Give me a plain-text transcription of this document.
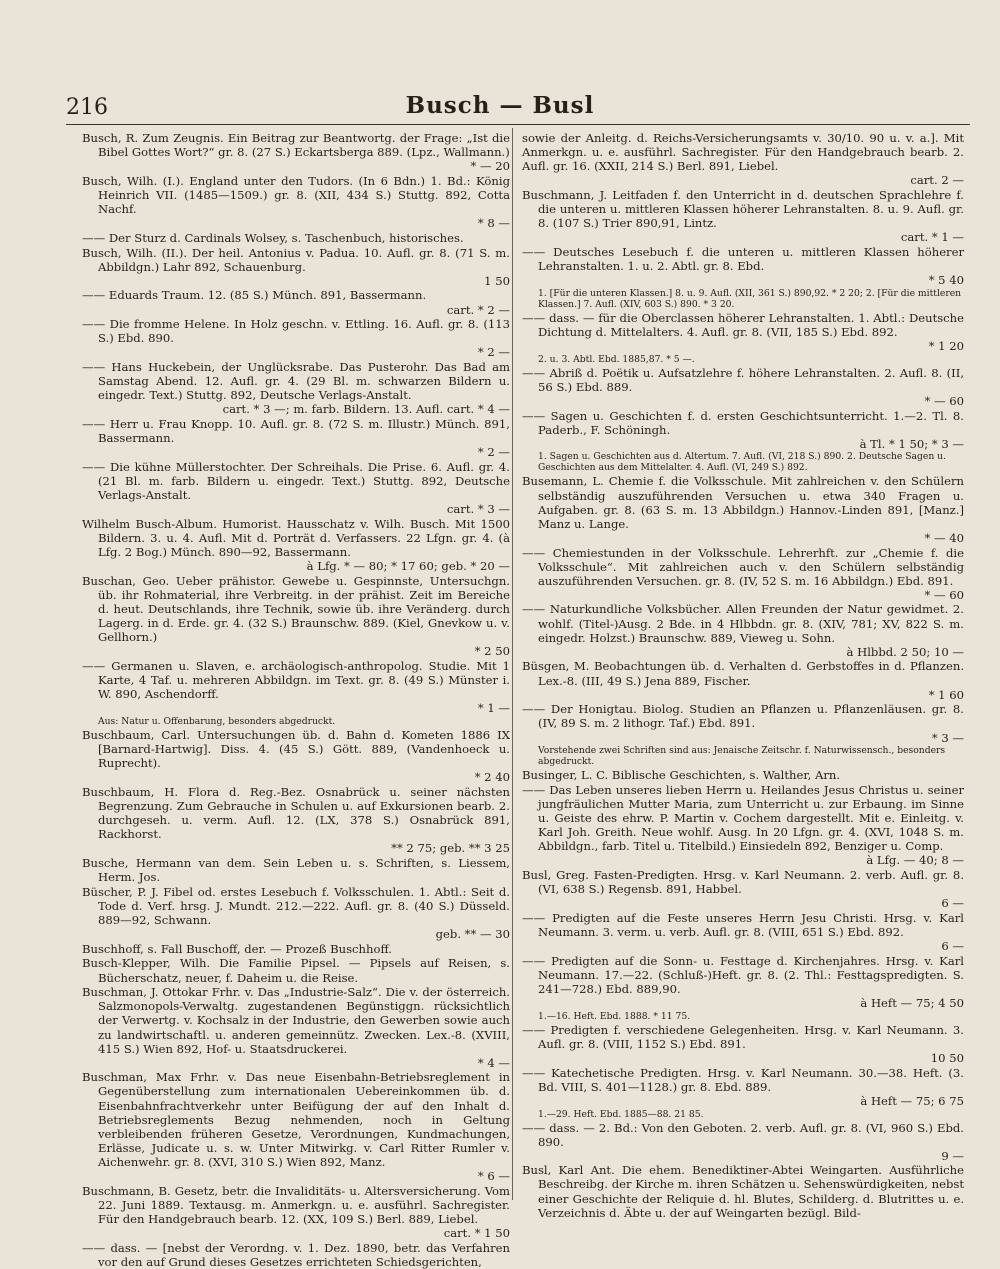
216	Busch — Busl
Busch, R. Zum Zeugnis. Ein Beitrag zur Beantwortg. der Frage: „Ist die Bibel Gottes Wort?“ gr. 8. (27 S.) Eckartsberga 889. (Lpz., Wallmann.)
* — 20
Busch, Wilh. (I.). England unter den Tudors. (In 6 Bdn.) 1. Bd.: König Heinrich VII. (1485—1509.) gr. 8. (XII, 434 S.) Stuttg. 892, Cotta Nachf.
* 8 —
—— Der Sturz d. Cardinals Wolsey, s. Taschenbuch, historisches.
Busch, Wilh. (II.). Der heil. Antonius v. Padua. 10. Aufl. gr. 8. (71 S. m. Abbildgn.) Lahr 892, Schauenburg.
1 50
—— Eduards Traum. 12. (85 S.) Münch. 891, Bassermann.
cart. * 2 —
—— Die fromme Helene. In Holz geschn. v. Ettling. 16. Aufl. gr. 8. (113 S.) Ebd. 890.
* 2 —
—— Hans Huckebein, der Unglücksrabe. Das Pusterohr. Das Bad am Samstag Abend. 12. Aufl. gr. 4. (29 Bl. m. schwarzen Bildern u. eingedr. Text.) Stuttg. 892, Deutsche Verlags-Anstalt.
cart. * 3 —; m. farb. Bildern. 13. Aufl. cart. * 4 —
—— Herr u. Frau Knopp. 10. Aufl. gr. 8. (72 S. m. Illustr.) Münch. 891, Bassermann.
* 2 —
—— Die kühne Müllerstochter. Der Schreihals. Die Prise. 6. Aufl. gr. 4. (21 Bl. m. farb. Bildern u. eingedr. Text.) Stuttg. 892, Deutsche Verlags-Anstalt.
cart. * 3 —
Wilhelm Busch-Album. Humorist. Hausschatz v. Wilh. Busch. Mit 1500 Bildern. 3. u. 4. Aufl. Mit d. Porträt d. Verfassers. 22 Lfgn. gr. 4. (à Lfg. 2 Bog.) Münch. 890—92, Bassermann.
à Lfg. * — 80; * 17 60; geb. * 20 —
Buschan, Geo. Ueber prähistor. Gewebe u. Gespinnste, Untersuchgn. üb. ihr Rohmaterial, ihre Verbreitg. in der prähist. Zeit im Bereiche d. heut. Deutschlands, ihre Technik, sowie üb. ihre Veränderg. durch Lagerg. in d. Erde. gr. 4. (32 S.) Braunschw. 889. (Kiel, Gnevkow u. v. Gellhorn.)
* 2 50
—— Germanen u. Slaven, e. archäologisch-anthropolog. Studie. Mit 1 Karte, 4 Taf. u. mehreren Abbildgn. im Text. gr. 8. (49 S.) Münster i. W. 890, Aschendorff.
* 1 —
Aus: Natur u. Offenbarung, besonders abgedruckt.
Buschbaum, Carl. Untersuchungen üb. d. Bahn d. Kometen 1886 IX [Barnard-Hartwig]. Diss. 4. (45 S.) Gött. 889, (Vandenhoeck u. Ruprecht).
* 2 40
Buschbaum, H. Flora d. Reg.-Bez. Osnabrück u. seiner nächsten Begrenzung. Zum Gebrauche in Schulen u. auf Exkursionen bearb. 2. durchgeseh. u. verm. Aufl. 12. (LX, 378 S.) Osnabrück 891, Rackhorst.
** 2 75; geb. ** 3 25
Busche, Hermann van dem. Sein Leben u. s. Schriften, s. Liessem, Herm. Jos.
Büscher, P. J. Fibel od. erstes Lesebuch f. Volksschulen. 1. Abtl.: Seit d. Tode d. Verf. hrsg. J. Mundt. 212.—222. Aufl. gr. 8. (40 S.) Düsseld. 889—92, Schwann.
geb. ** — 30
Buschhoff, s. Fall Buschoff, der. — Prozeß Buschhoff.
Busch-Klepper, Wilh. Die Familie Pipsel. — Pipsels auf Reisen, s. Bücherschatz, neuer, f. Daheim u. die Reise.
Buschman, J. Ottokar Frhr. v. Das „Industrie-Salz“. Die v. der österreich. Salzmonopols-Verwaltg. zugestandenen Begünstiggn. rücksichtlich der Verwertg. v. Kochsalz in der Industrie, den Gewerben sowie auch zu landwirtschaftl. u. anderen gemeinnütz. Zwecken. Lex.-8. (XVIII, 415 S.) Wien 892, Hof- u. Staatsdruckerei.
* 4 —
Buschman, Max Frhr. v. Das neue Eisenbahn-Betriebsreglement in Gegenüberstellung zum internationalen Uebereinkommen üb. d. Eisenbahnfrachtverkehr unter Beifügung der auf den Inhalt d. Betriebsreglements Bezug nehmenden, noch in Geltung verbleibenden früheren Gesetze, Verordnungen, Kundmachungen, Erlässe, Judicate u. s. w. Unter Mitwirkg. v. Carl Ritter Rumler v. Aichenwehr. gr. 8. (XVI, 310 S.) Wien 892, Manz.
* 6 —
Buschmann, B. Gesetz, betr. die Invaliditäts- u. Altersversicherung. Vom 22. Juni 1889. Textausg. m. Anmerkgn. u. e. ausführl. Sachregister. Für den Handgebrauch bearb. 12. (XX, 109 S.) Berl. 889, Liebel.
cart. * 1 50
—— dass. — [nebst der Verordng. v. 1. Dez. 1890, betr. das Verfahren vor den auf Grund dieses Gesetzes errichteten Schiedsgerichten,
sowie der Anleitg. d. Reichs-Versicherungsamts v. 30/10. 90 u. v. a.]. Mit Anmerkgn. u. e. ausführl. Sachregister. Für den Handgebrauch bearb. 2. Aufl. gr. 16. (XXII, 214 S.) Berl. 891, Liebel.
cart. 2 —
Buschmann, J. Leitfaden f. den Unterricht in d. deutschen Sprachlehre f. die unteren u. mittleren Klassen höherer Lehranstalten. 8. u. 9. Aufl. gr. 8. (107 S.) Trier 890,91, Lintz.
cart. * 1 —
—— Deutsches Lesebuch f. die unteren u. mittleren Klassen höherer Lehranstalten. 1. u. 2. Abtl. gr. 8. Ebd.
* 5 40
1. [Für die unteren Klassen.] 8. u. 9. Aufl. (XII, 361 S.) 890,92. * 2 20; 2. [Für die mittleren Klassen.] 7. Aufl. (XIV, 603 S.) 890. * 3 20.
—— dass. — für die Oberclassen höherer Lehranstalten. 1. Abtl.: Deutsche Dichtung d. Mittelalters. 4. Aufl. gr. 8. (VII, 185 S.) Ebd. 892.
* 1 20
2. u. 3. Abtl. Ebd. 1885,87. * 5 —.
—— Abriß d. Poëtik u. Aufsatzlehre f. höhere Lehranstalten. 2. Aufl. 8. (II, 56 S.) Ebd. 889.
* — 60
—— Sagen u. Geschichten f. d. ersten Geschichtsunterricht. 1.—2. Tl. 8. Paderb., F. Schöningh.
à Tl. * 1 50; * 3 —
1. Sagen u. Geschichten aus d. Altertum. 7. Aufl. (VI, 218 S.) 890. 2. Deutsche Sagen u. Geschichten aus dem Mittelalter. 4. Aufl. (VI, 249 S.) 892.
Busemann, L. Chemie f. die Volksschule. Mit zahlreichen v. den Schülern selbständig auszuführenden Versuchen u. etwa 340 Fragen u. Aufgaben. gr. 8. (63 S. m. 13 Abbildgn.) Hannov.-Linden 891, [Manz.] Manz u. Lange.
* — 40
—— Chemiestunden in der Volksschule. Lehrerhft. zur „Chemie f. die Volksschule“. Mit zahlreichen auch v. den Schülern selbständig auszuführenden Versuchen. gr. 8. (IV, 52 S. m. 16 Abbildgn.) Ebd. 891.
* — 60
—— Naturkundliche Volksbücher. Allen Freunden der Natur gewidmet. 2. wohlf. (Titel-)Ausg. 2 Bde. in 4 Hlbbdn. gr. 8. (XIV, 781; XV, 822 S. m. eingedr. Holzst.) Braunschw. 889, Vieweg u. Sohn.
à Hlbbd. 2 50; 10 —
Büsgen, M. Beobachtungen üb. d. Verhalten d. Gerbstoffes in d. Pflanzen. Lex.-8. (III, 49 S.) Jena 889, Fischer.
* 1 60
—— Der Honigtau. Biolog. Studien an Pflanzen u. Pflanzenläusen. gr. 8. (IV, 89 S. m. 2 lithogr. Taf.) Ebd. 891.
* 3 —
Vorstehende zwei Schriften sind aus: Jenaische Zeitschr. f. Naturwissensch., besonders abgedruckt.
Businger, L. C. Biblische Geschichten, s. Walther, Arn.
—— Das Leben unseres lieben Herrn u. Heilandes Jesus Christus u. seiner jungfräulichen Mutter Maria, zum Unterricht u. zur Erbaung. im Sinne u. Geiste des ehrw. P. Martin v. Cochem dargestellt. Mit e. Einleitg. v. Karl Joh. Greith. Neue wohlf. Ausg. In 20 Lfgn. gr. 4. (XVI, 1048 S. m. Abbildgn., farb. Titel u. Titelbild.) Einsiedeln 892, Benziger u. Comp.
à Lfg. — 40; 8 —
Busl, Greg. Fasten-Predigten. Hrsg. v. Karl Neumann. 2. verb. Aufl. gr. 8. (VI, 638 S.) Regensb. 891, Habbel.
6 —
—— Predigten auf die Feste unseres Herrn Jesu Christi. Hrsg. v. Karl Neumann. 3. verm. u. verb. Aufl. gr. 8. (VIII, 651 S.) Ebd. 892.
6 —
—— Predigten auf die Sonn- u. Festtage d. Kirchenjahres. Hrsg. v. Karl Neumann. 17.—22. (Schluß-)Heft. gr. 8. (2. Thl.: Festtagspredigten. S. 241—728.) Ebd. 889,90.
à Heft — 75; 4 50
1.—16. Heft. Ebd. 1888. * 11 75.
—— Predigten f. verschiedene Gelegenheiten. Hrsg. v. Karl Neumann. 3. Aufl. gr. 8. (VIII, 1152 S.) Ebd. 891.
10 50
—— Katechetische Predigten. Hrsg. v. Karl Neumann. 30.—38. Heft. (3. Bd. VIII, S. 401—1128.) gr. 8. Ebd. 889.
à Heft — 75; 6 75
1.—29. Heft. Ebd. 1885—88. 21 85.
—— dass. — 2. Bd.: Von den Geboten. 2. verb. Aufl. gr. 8. (VI, 960 S.) Ebd. 890.
9 —
Busl, Karl Ant. Die ehem. Benediktiner-Abtei Weingarten. Ausführliche Beschreibg. der Kirche m. ihren Schätzen u. Sehenswürdigkeiten, nebst einer Geschichte der Reliquie d. hl. Blutes, Schilderg. d. Blutrittes u. e. Verzeichnis d. Äbte u. der auf Weingarten bezügl. Bild-
